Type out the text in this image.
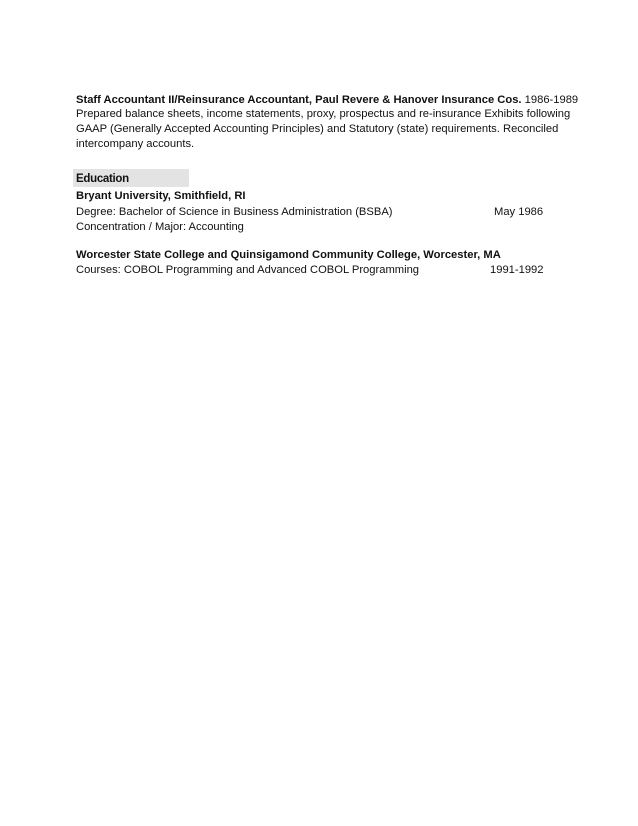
Staff Accountant II/Reinsurance Accountant, Paul Revere & Hanover Insurance Cos. 1986-1989
Prepared balance sheets, income statements, proxy, prospectus and re-insurance Exhibits following
GAAP (Generally Accepted Accounting Principles) and Statutory (state) requirements. Reconciled
intercompany accounts.
Education
Bryant University, Smithfield, RI
Degree: Bachelor of Science in Business Administration (BSBA)	May 1986
Concentration / Major: Accounting
Worcester State College and Quinsigamond Community College, Worcester, MA
Courses: COBOL Programming and Advanced COBOL Programming	1991-1992
